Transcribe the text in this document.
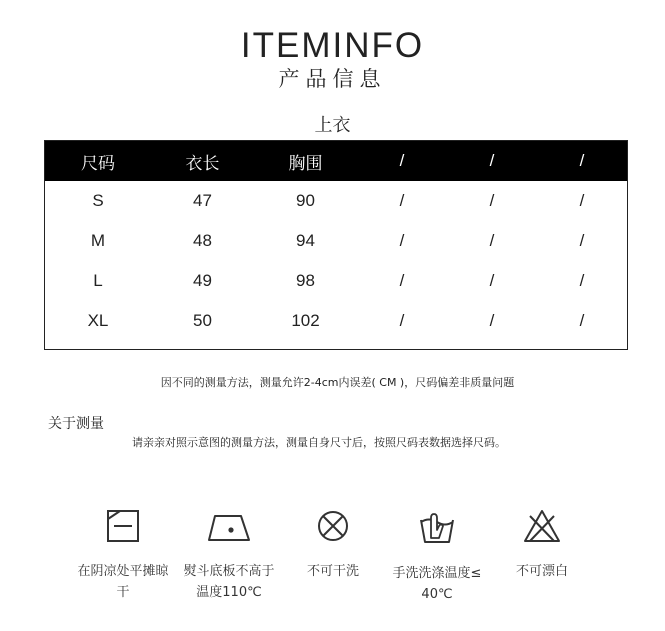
ITEMINFO
产品信息
上衣
尺码	衣长	胸围	/	/	/
S	47	90	/	/	/
M	48	94	/	/	/
L	49	98	/	/	/
XL	50	102	/	/	/
因不同的测量方法，测量允许2-4cm内误差( CM )，尺码偏差非质量问题
关于测量
请亲亲对照示意图的测量方法，测量自身尺寸后，按照尺码表数据选择尺码。
在阴凉处平摊晾
干
熨斗底板不高于
温度110℃
不可干洗	手洗洗涤温度≤
40℃
不可漂白
